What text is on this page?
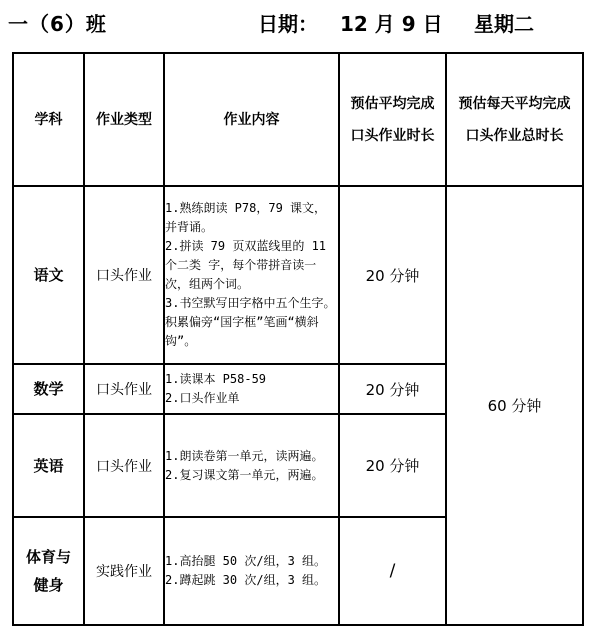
一（6）班	日期： 12 月 9 日 星期二
学科	作业类型	作业内容	预估平均完成口头作业时长	预估每天平均完成口头作业总时长
语文	口头作业	1.熟练朗读 P78，79 课文，并背诵。
2.拼读 79 页双蓝线里的 11 个二类 字，每个带拼音读一次，组两个词。
3.书空默写田字格中五个生字。积累偏旁“国字框”笔画“横斜钩”。	20 分钟	60 分钟
数学	口头作业	1.读课本 P58-59
2.口头作业单	20 分钟	
英语	口头作业	1.朗读卷第一单元，读两遍。
2.复习课文第一单元，两遍。	20 分钟	
体育与健身	实践作业	1.高抬腿 50 次/组，3 组。
2.蹲起跳 30 次/组，3 组。	/	
